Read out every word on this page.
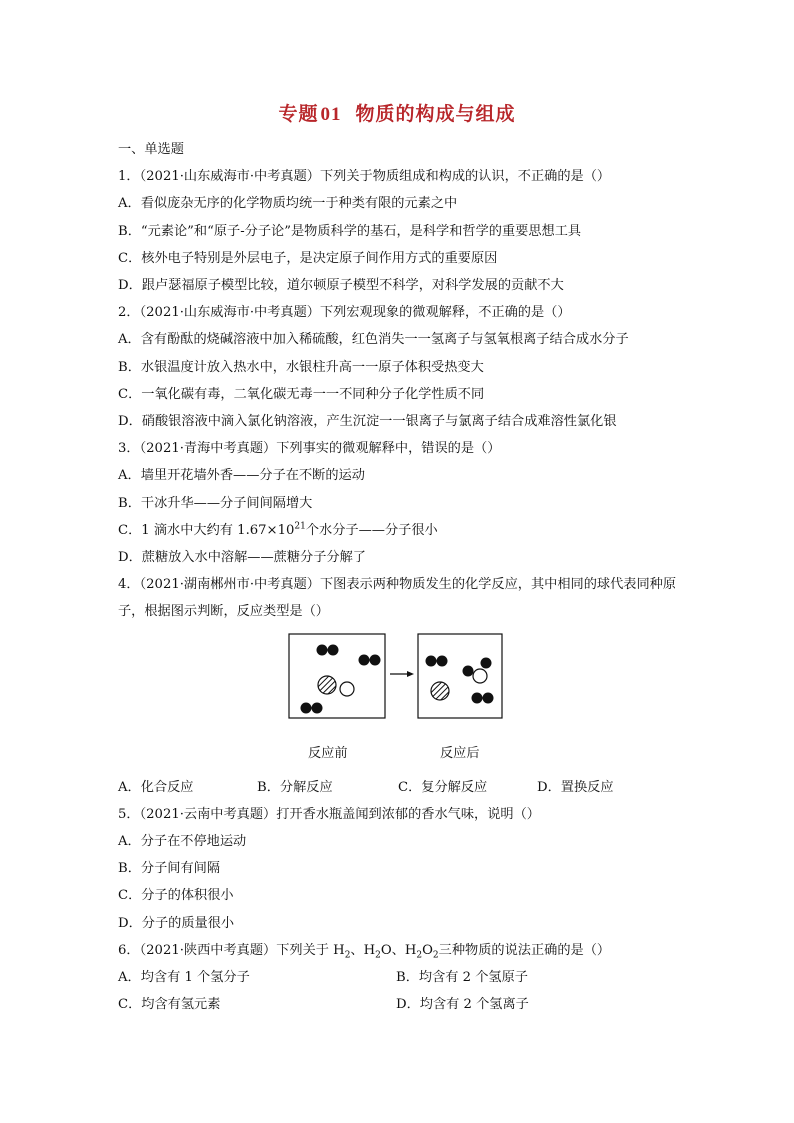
专题 01 物质的构成与组成
一、单选题
1．（2021·山东威海市·中考真题）下列关于物质组成和构成的认识，不正确的是（）
A．看似庞杂无序的化学物质均统一于种类有限的元素之中
B．“元素论”和“原子-分子论”是物质科学的基石，是科学和哲学的重要思想工具
C．核外电子特别是外层电子，是决定原子间作用方式的重要原因
D．跟卢瑟福原子模型比较，道尔顿原子模型不科学，对科学发展的贡献不大
2．（2021·山东威海市·中考真题）下列宏观现象的微观解释，不正确的是（）
A．含有酚酞的烧碱溶液中加入稀硫酸，红色消失一一氢离子与氢氧根离子结合成水分子
B．水银温度计放入热水中，水银柱升高一一原子体积受热变大
C．一氧化碳有毒，二氧化碳无毒一一不同种分子化学性质不同
D．硝酸银溶液中滴入氯化钠溶液，产生沉淀一一银离子与氯离子结合成难溶性氯化银
3．（2021·青海中考真题）下列事实的微观解释中，错误的是（）
A．墙里开花墙外香——分子在不断的运动
B．干冰升华——分子间间隔增大
C．1 滴水中大约有 $1.67\times 10^{21}$个水分子——分子很小
D．蔗糖放入水中溶解——蔗糖分子分解了
4．（2021·湖南郴州市·中考真题）下图表示两种物质发生的化学反应，其中相同的球代表同种原子，根据图示判断，反应类型是（）
反应前	反应后
A．化合反应	B．分解反应	C．复分解反应	D．置换反应
5．（2021·云南中考真题）打开香水瓶盖闻到浓郁的香水气味，说明（）
A．分子在不停地运动
B．分子间有间隔
C．分子的体积很小
D．分子的质量很小
6．（2021·陕西中考真题）下列关于 $H_2$、$H_2O$、$H_2O_2$三种物质的说法正确的是（）
A．均含有 1 个氢分子	B．均含有 2 个氢原子
C．均含有氢元素	D．均含有 2 个氢离子
